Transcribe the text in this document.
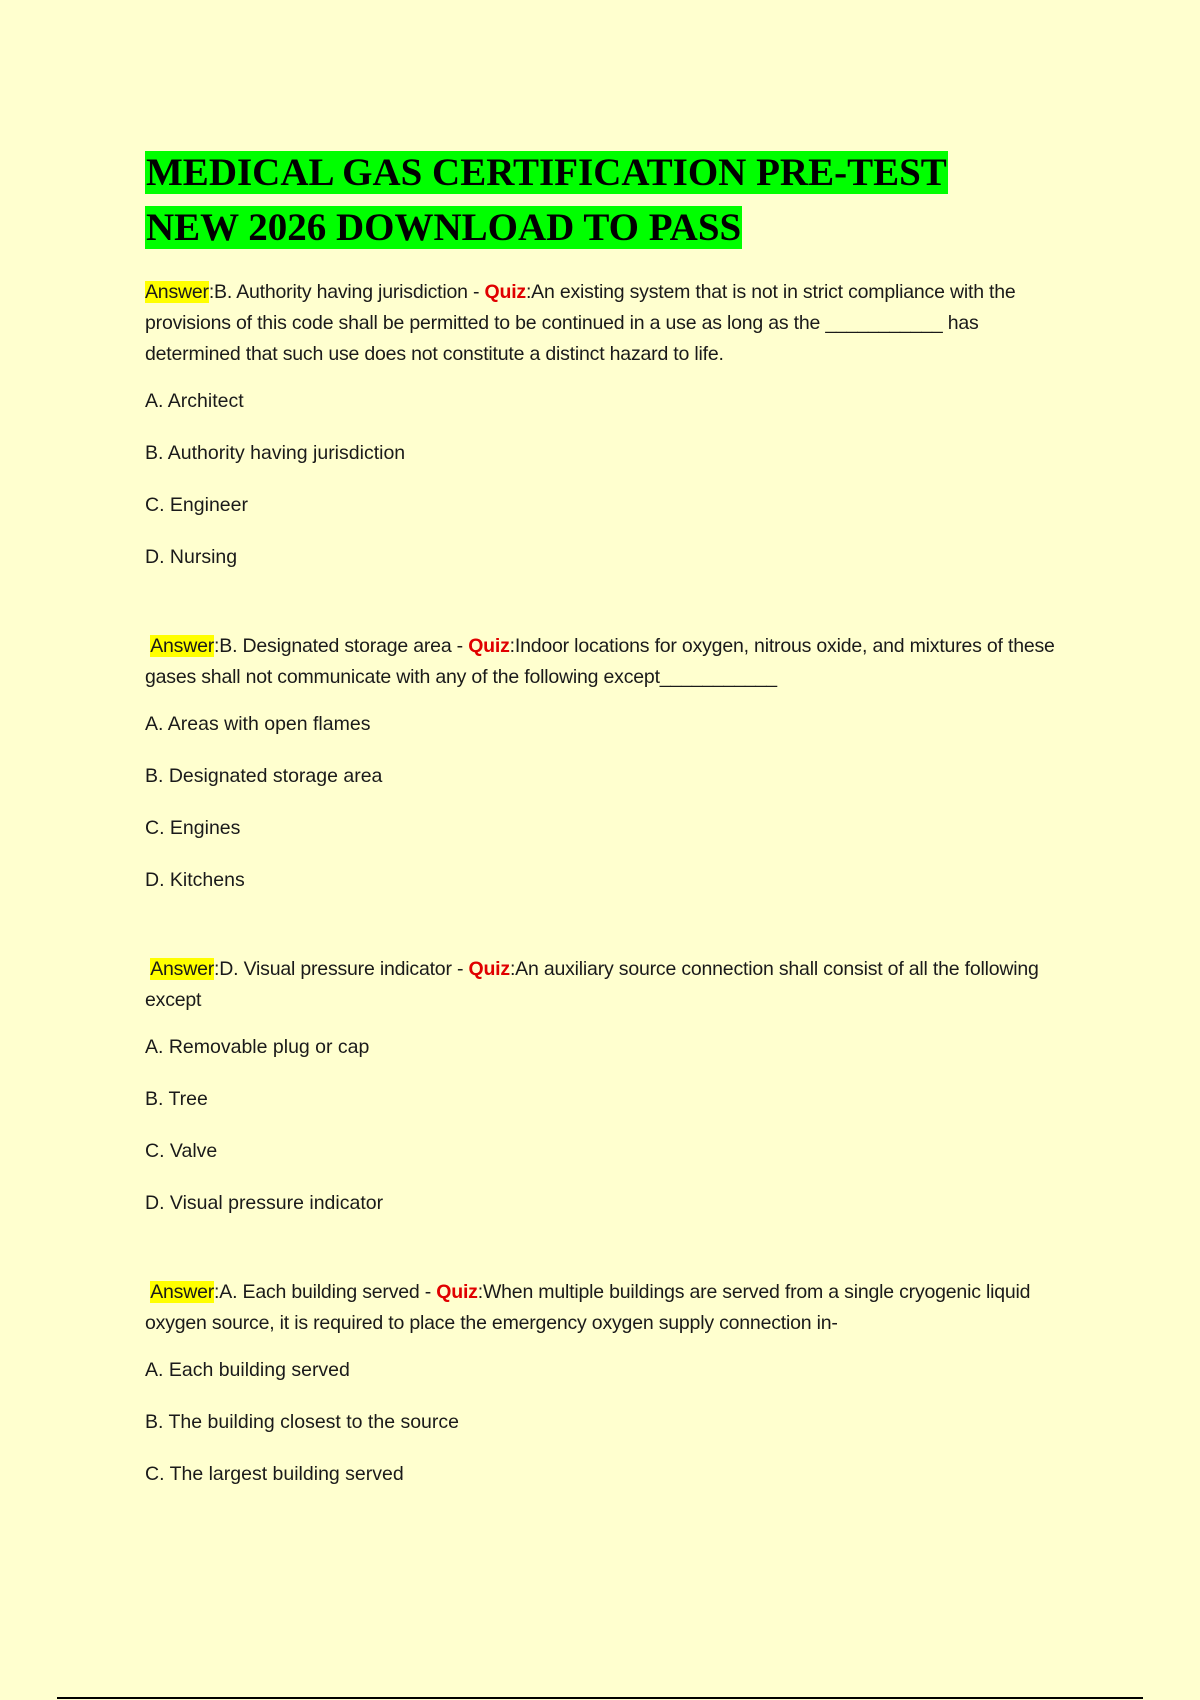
MEDICAL GAS CERTIFICATION PRE-TEST
NEW 2026 DOWNLOAD TO PASS

Answer:B. Authority having jurisdiction - Quiz:An existing system that is not in strict compliance with the provisions of this code shall be permitted to be continued in a use as long as the ___________ has determined that such use does not constitute a distinct hazard to life.

A. Architect

B. Authority having jurisdiction

C. Engineer

D. Nursing

Answer:B. Designated storage area - Quiz:Indoor locations for oxygen, nitrous oxide, and mixtures of these gases shall not communicate with any of the following except___________

A. Areas with open flames

B. Designated storage area

C. Engines

D. Kitchens

Answer:D. Visual pressure indicator - Quiz:An auxiliary source connection shall consist of all the following except

A. Removable plug or cap

B. Tree

C. Valve

D. Visual pressure indicator

Answer:A. Each building served - Quiz:When multiple buildings are served from a single cryogenic liquid oxygen source, it is required to place the emergency oxygen supply connection in-

A. Each building served

B. The building closest to the source

C. The largest building served
